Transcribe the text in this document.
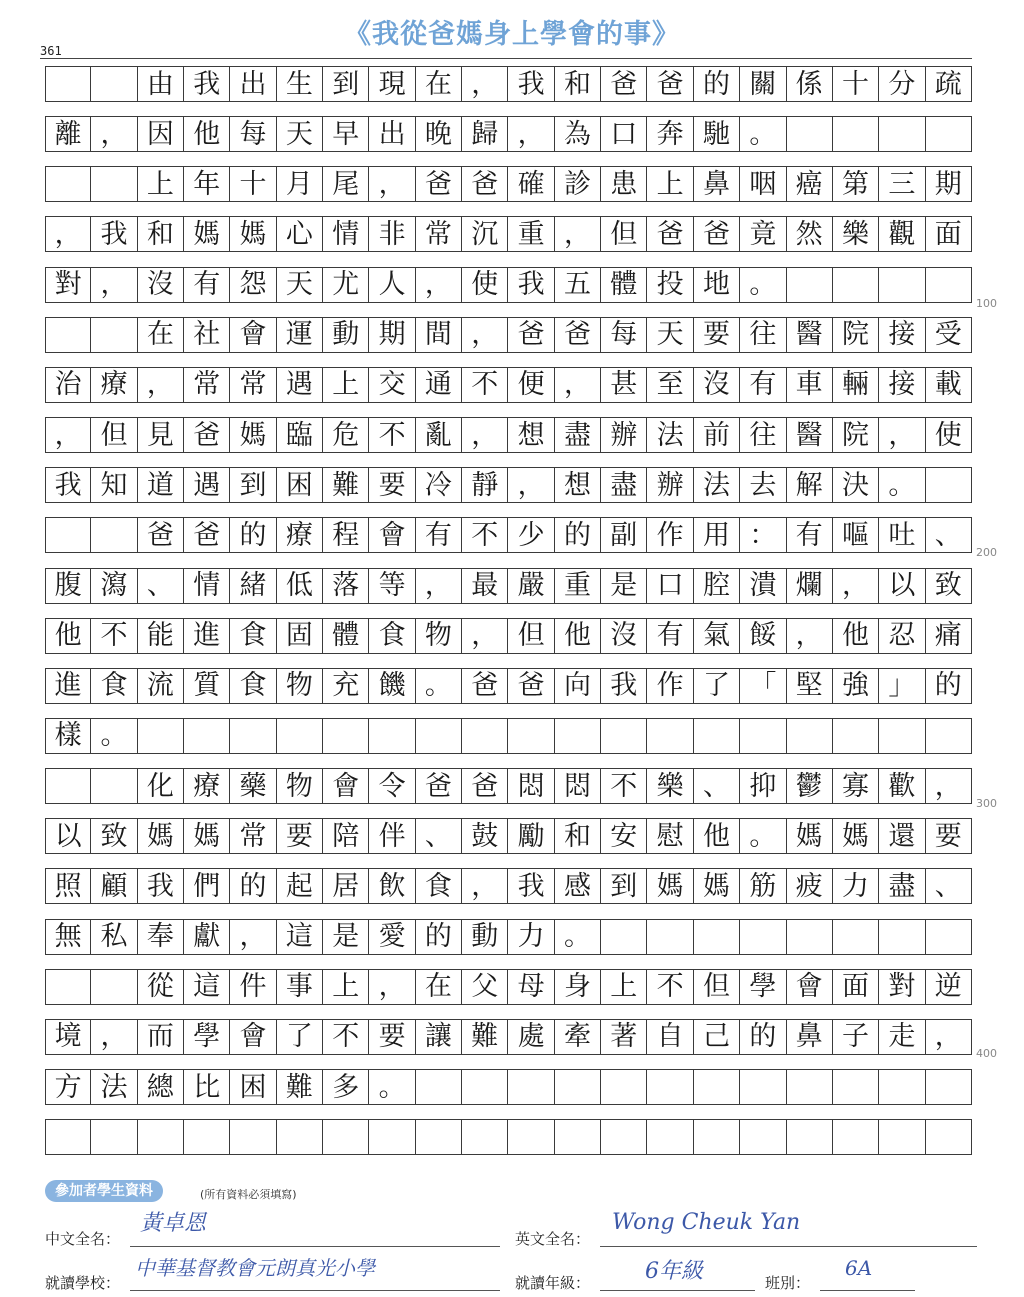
《我從爸媽身上學會的事》
361
由 我 出 生 到 現 在 ， 我 和 爸 爸 的 關 係 十 分 疏
離 ， 因 他 每 天 早 出 晚 歸 ， 為 口 奔 馳 。
上 年 十 月 尾 ， 爸 爸 確 診 患 上 鼻 咽 癌 第 三 期
， 我 和 媽 媽 心 情 非 常 沉 重 ， 但 爸 爸 竟 然 樂 觀 面
對 ， 沒 有 怨 天 尤 人 ， 使 我 五 體 投 地 。
在 社 會 運 動 期 間 ， 爸 爸 每 天 要 往 醫 院 接 受
治 療 ， 常 常 遇 上 交 通 不 便 ， 甚 至 沒 有 車 輛 接 載
， 但 見 爸 媽 臨 危 不 亂 ， 想 盡 辦 法 前 往 醫 院 ， 使
我 知 道 遇 到 困 難 要 冷 靜 ， 想 盡 辦 法 去 解 決 。
爸 爸 的 療 程 會 有 不 少 的 副 作 用 ： 有 嘔 吐 、
腹 瀉 、 情 緒 低 落 等 ， 最 嚴 重 是 口 腔 潰 爛 ， 以 致
他 不 能 進 食 固 體 食 物 ， 但 他 沒 有 氣 餒 ， 他 忍 痛
進 食 流 質 食 物 充 饑 。 爸 爸 向 我 作 了 「 堅 強 」 的
樣 。
化 療 藥 物 會 令 爸 爸 悶 悶 不 樂 、 抑 鬱 寡 歡 ，
以 致 媽 媽 常 要 陪 伴 、 鼓 勵 和 安 慰 他 。 媽 媽 還 要
照 顧 我 們 的 起 居 飲 食 ， 我 感 到 媽 媽 筋 疲 力 盡 、
無 私 奉 獻 ， 這 是 愛 的 動 力 。
從 這 件 事 上 ， 在 父 母 身 上 不 但 學 會 面 對 逆
境 ， 而 學 會 了 不 要 讓 難 處 牽 著 自 己 的 鼻 子 走 ，
方 法 總 比 困 難 多 。
100
200
300
400
參加者學生資料	(所有資料必須填寫)
中文全名：
黃卓恩
英文全名：
Wong Cheuk Yan
就讀學校：
中華基督教會元朗真光小學
就讀年級： 6年級	班別：
6A
